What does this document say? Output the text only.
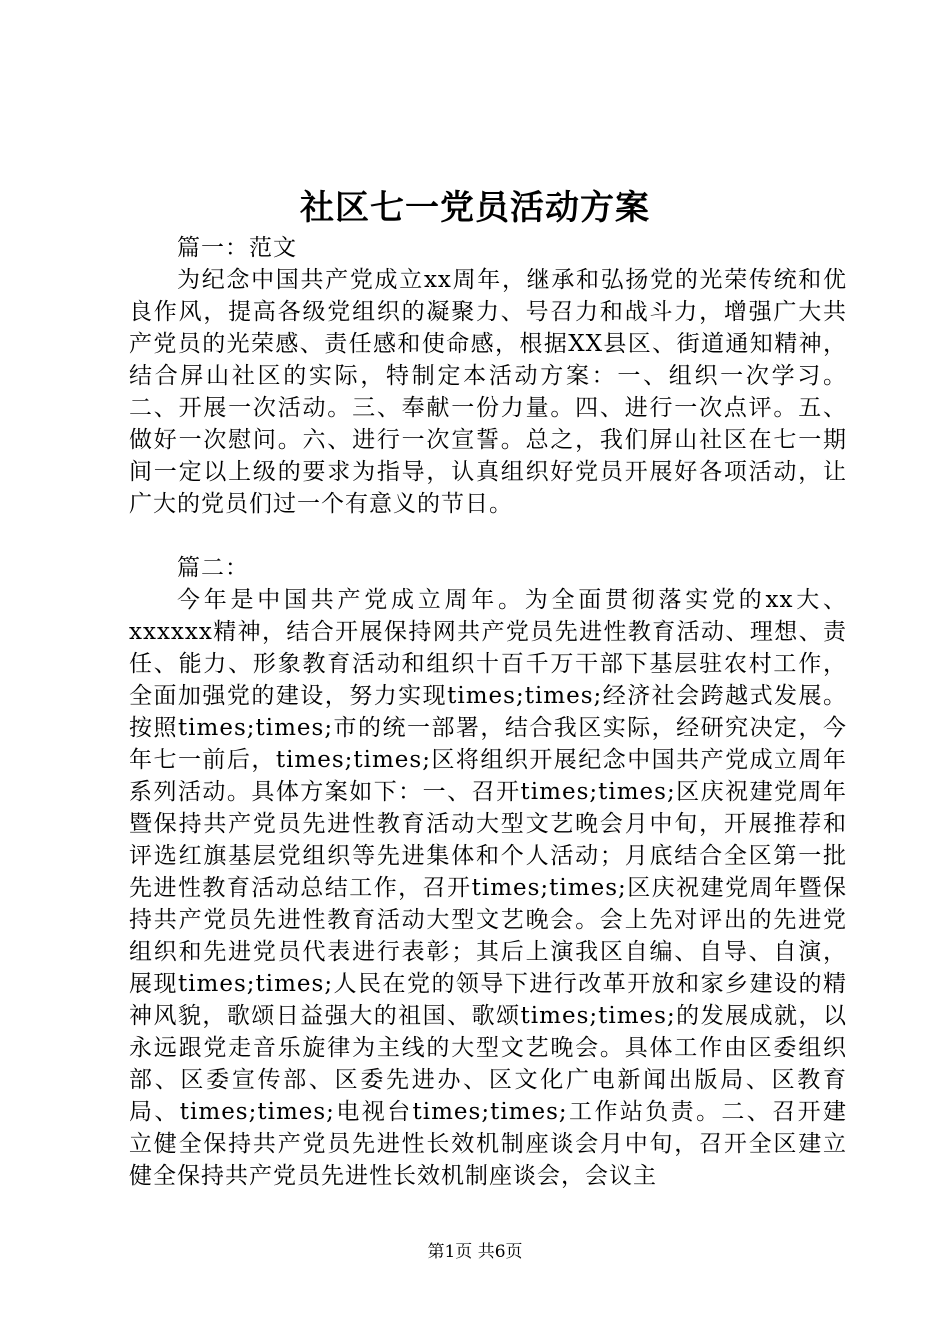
社区七一党员活动方案

篇一：范文

为纪念中国共产党成立xx周年，继承和弘扬党的光荣传统和优良作风，提高各级党组织的凝聚力、号召力和战斗力，增强广大共产党员的光荣感、责任感和使命感，根据XX县区、街道通知精神，结合屏山社区的实际，特制定本活动方案：一、组织一次学习。二、开展一次活动。三、奉献一份力量。四、进行一次点评。五、做好一次慰问。六、进行一次宣誓。总之，我们屏山社区在七一期间一定以上级的要求为指导，认真组织好党员开展好各项活动，让广大的党员们过一个有意义的节日。

篇二：

今年是中国共产党成立周年。为全面贯彻落实党的xx大、xxxxxx精神，结合开展保持网共产党员先进性教育活动、理想、责任、能力、形象教育活动和组织十百千万干部下基层驻农村工作，全面加强党的建设，努力实现times;times;经济社会跨越式发展。按照times;times;市的统一部署，结合我区实际，经研究决定，今年七一前后，times;times;区将组织开展纪念中国共产党成立周年系列活动。具体方案如下：一、召开times;times;区庆祝建党周年暨保持共产党员先进性教育活动大型文艺晚会月中旬，开展推荐和评选红旗基层党组织等先进集体和个人活动；月底结合全区第一批先进性教育活动总结工作，召开times;times;区庆祝建党周年暨保持共产党员先进性教育活动大型文艺晚会。会上先对评出的先进党组织和先进党员代表进行表彰；其后上演我区自编、自导、自演，展现times;times;人民在党的领导下进行改革开放和家乡建设的精神风貌，歌颂日益强大的祖国、歌颂times;times;的发展成就，以永远跟党走音乐旋律为主线的大型文艺晚会。具体工作由区委组织部、区委宣传部、区委先进办、区文化广电新闻出版局、区教育局、times;times;电视台times;times;工作站负责。二、召开建立健全保持共产党员先进性长效机制座谈会月中旬，召开全区建立健全保持共产党员先进性长效机制座谈会，会议主

第1页 共6页
